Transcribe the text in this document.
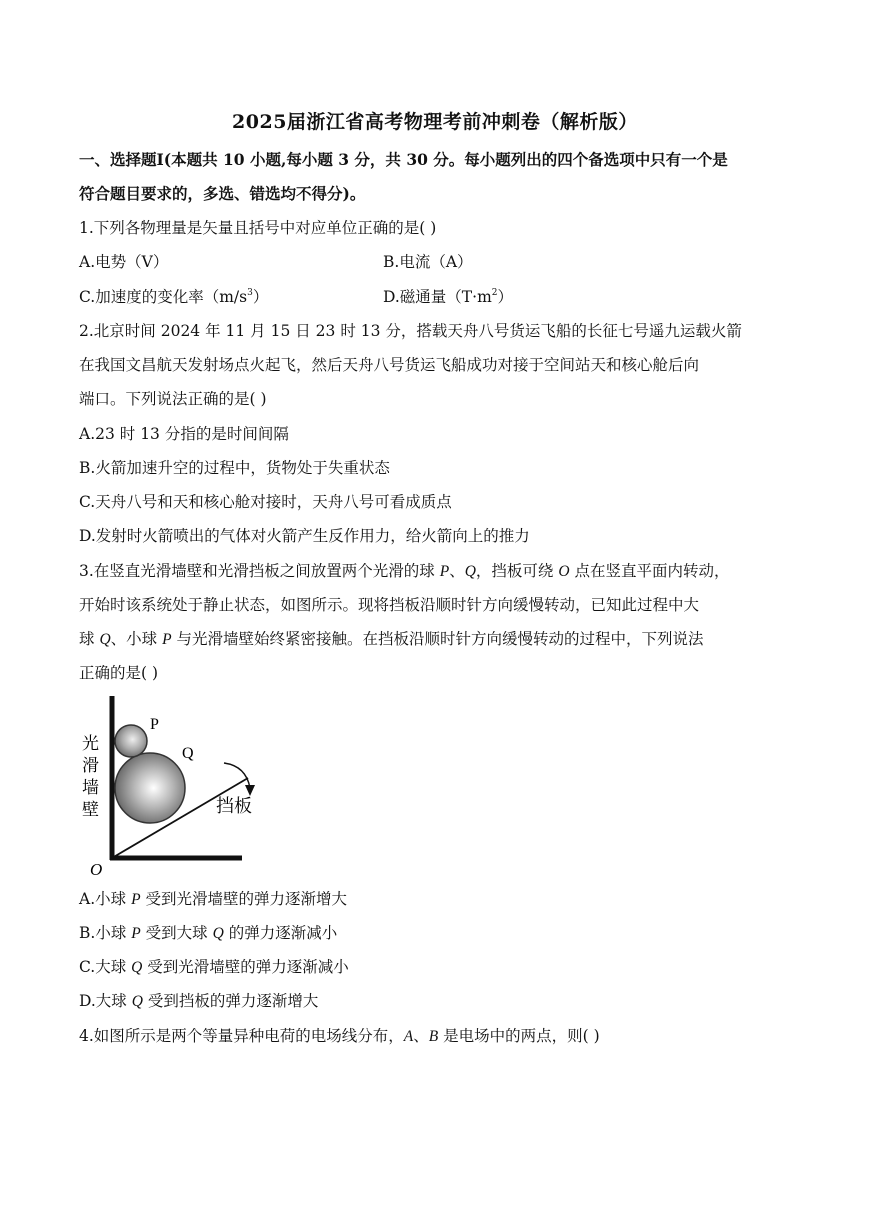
2025届浙江省高考物理考前冲刺卷（解析版）
一、选择题Ⅰ(本题共 10 小题,每小题 3 分，共 30 分。每小题列出的四个备选项中只有一个是
符合题目要求的，多选、错选均不得分)。
1.下列各物理量是矢量且括号中对应单位正确的是( )
A.电势（V）	B.电流（A）
C.加速度的变化率$(m/s^3)$	D.磁通量$(T\cdot m^2)$
2.北京时间 2024 年 11 月 15 日 23 时 13 分，搭载天舟八号货运飞船的长征七号遥九运载火箭
在我国文昌航天发射场点火起飞，然后天舟八号货运飞船成功对接于空间站天和核心舱后向
端口。下列说法正确的是( )
A.23 时 13 分指的是时间间隔
B.火箭加速升空的过程中，货物处于失重状态
C.天舟八号和天和核心舱对接时，天舟八号可看成质点
D.发射时火箭喷出的气体对火箭产生反作用力，给火箭向上的推力
3.在竖直光滑墙壁和光滑挡板之间放置两个光滑的球 P、Q，挡板可绕 O 点在竖直平面内转动，
开始时该系统处于静止状态，如图所示。现将挡板沿顺时针方向缓慢转动，已知此过程中大
球 Q、小球 P 与光滑墙壁始终紧密接触。在挡板沿顺时针方向缓慢转动的过程中，下列说法
正确的是( )
光
滑
墙
壁
P
Q
挡板
O
A.小球 P 受到光滑墙壁的弹力逐渐增大
B.小球 P 受到大球 Q 的弹力逐渐减小
C.大球 Q 受到光滑墙壁的弹力逐渐减小
D.大球 Q 受到挡板的弹力逐渐增大
4.如图所示是两个等量异种电荷的电场线分布，A、B 是电场中的两点，则( )
